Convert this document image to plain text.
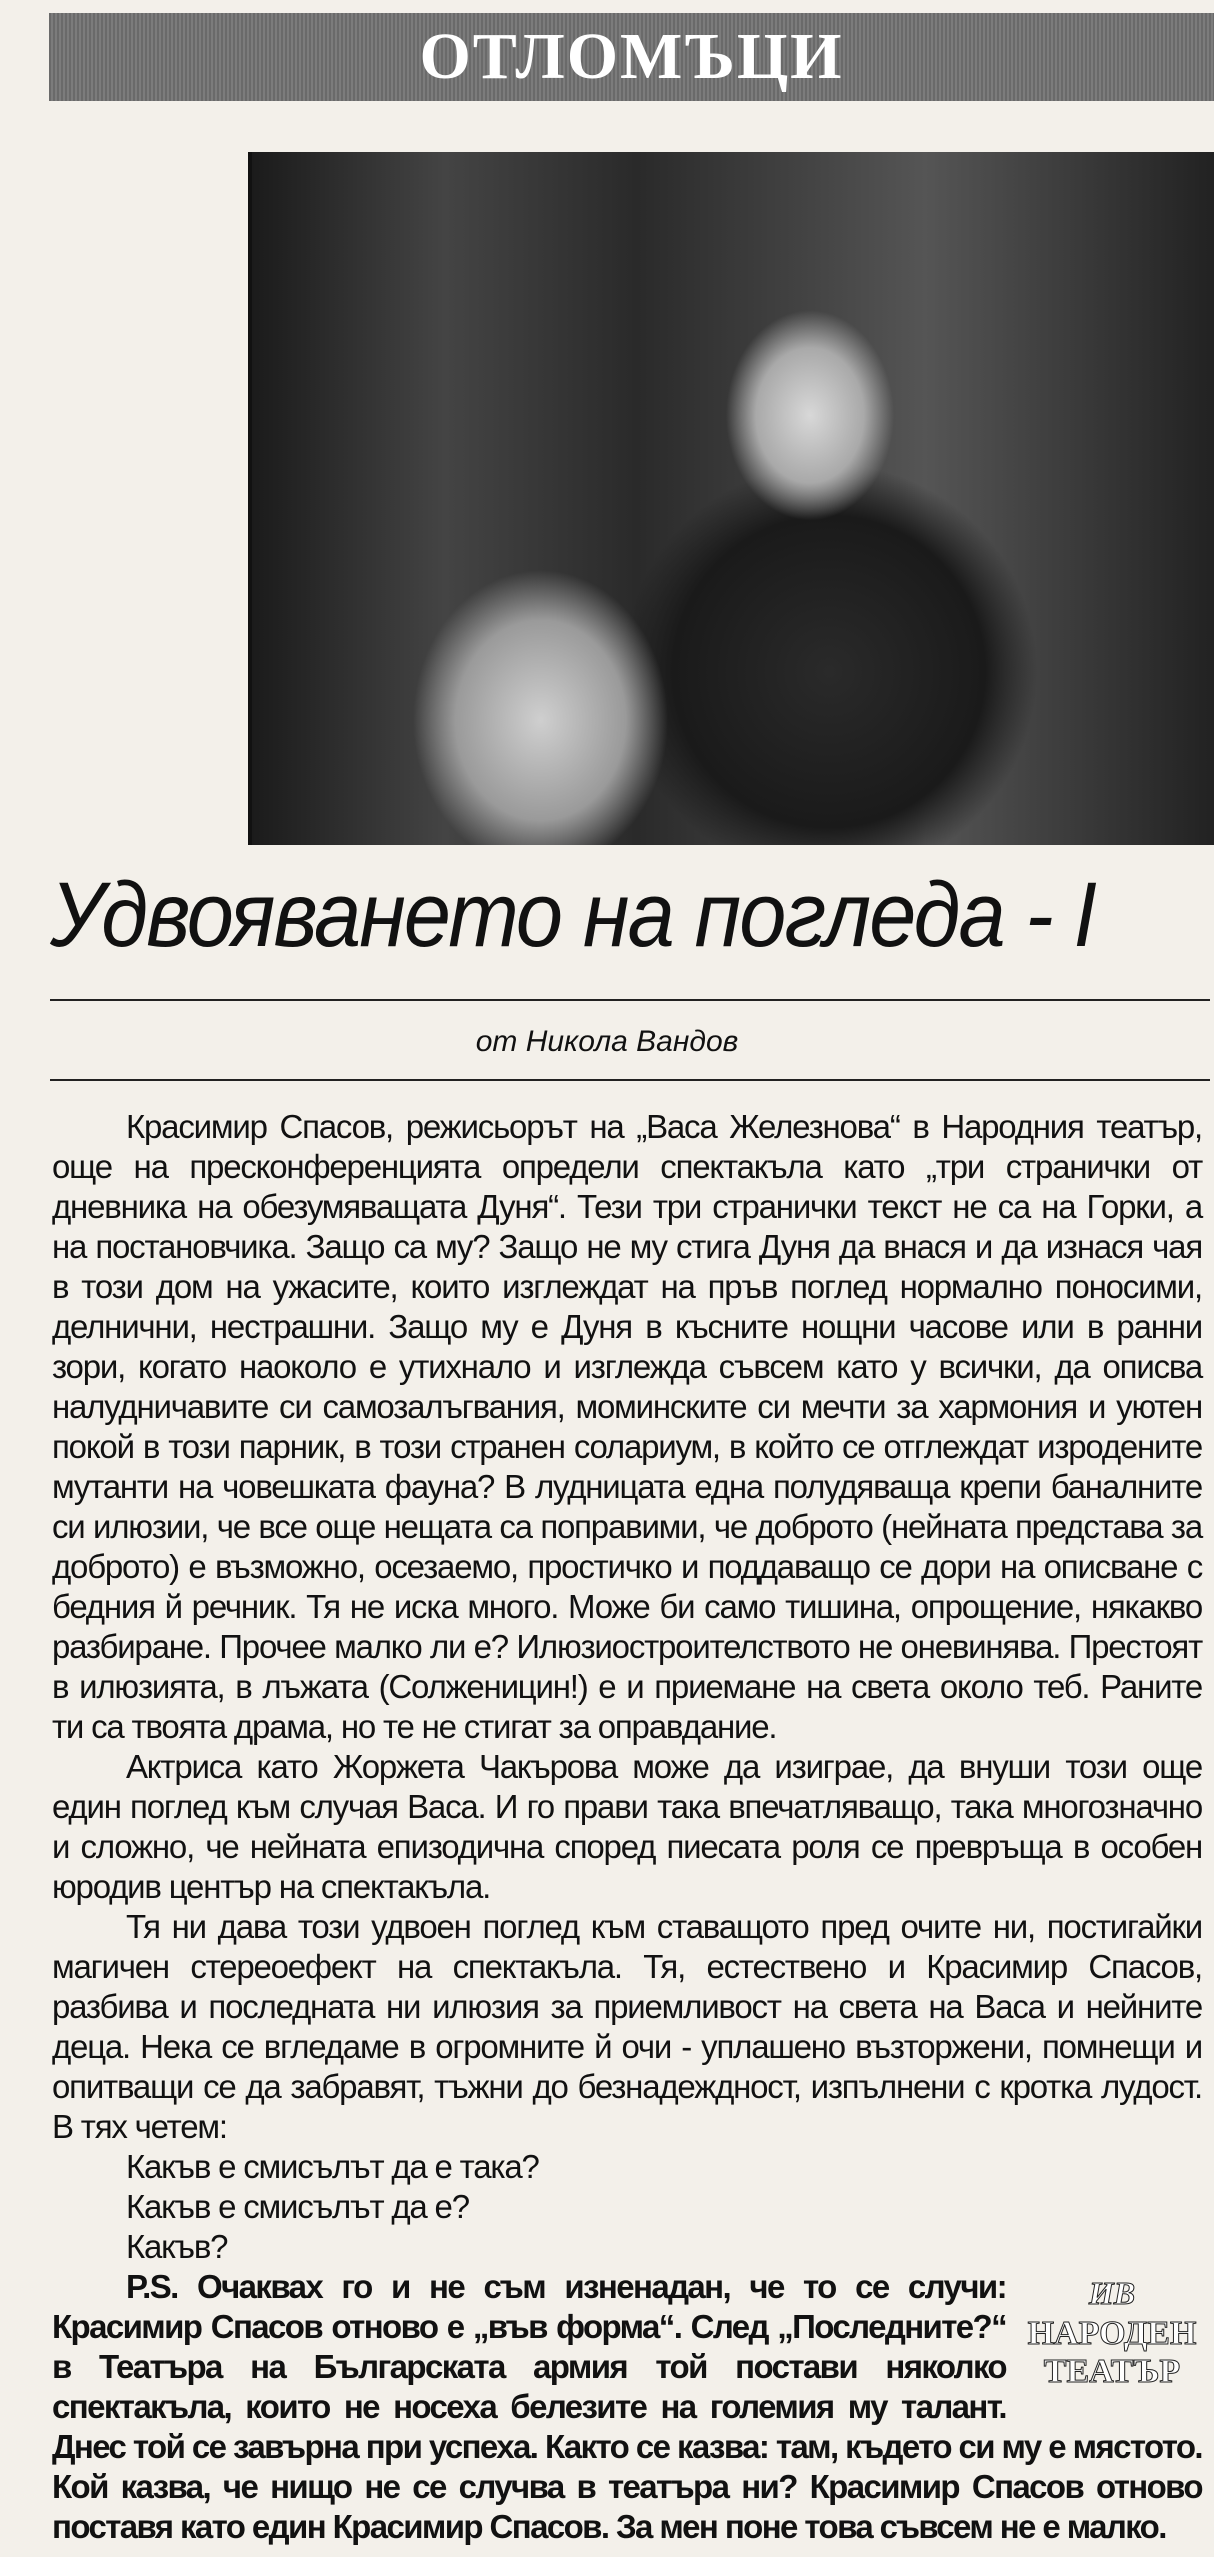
ОТЛОМЪЦИ
Удвояването на погледа - I
от Никола Вандов

Красимир Спасов, режисьорът на „Васа Железнова“ в Народния театър, още на пресконференцията определи спектакъла като „три странички от дневника на обезумяващата Дуня“. Тези три странички текст не са на Горки, а на постановчика. Защо са му? Защо не му стига Дуня да внася и да изнася чая в този дом на ужасите, които изглеждат на пръв поглед нормално поносими, делнични, нестрашни. Защо му е Дуня в късните нощни часове или в ранни зори, когато наоколо е утихнало и изглежда съвсем като у всички, да описва налудничавите си самозалъгвания, моминските си мечти за хармония и уютен покой в този парник, в този странен солариум, в който се отглеждат изродените мутанти на човешката фауна? В лудницата една полудяваща крепи баналните си илюзии, че все още нещата са поправими, че доброто (нейната представа за доброто) е възможно, осезаемо, простичко и поддаващо се дори на описване с бедния й речник. Тя не иска много. Може би само тишина, опрощение, някакво разбиране. Прочее малко ли е? Илюзиостроителството не оневинява. Престоят в илюзията, в лъжата (Солженицин!) е и приемане на света около теб. Раните ти са твоята драма, но те не стигат за оправдание.

Актриса като Жоржета Чакърова може да изиграе, да внуши този още един поглед към случая Васа. И го прави така впечатляващо, така многозначно и сложно, че нейната епизодична според пиесата роля се превръща в особен юродив център на спектакъла.

Тя ни дава този удвоен поглед към ставащото пред очите ни, постигайки магичен стереоефект на спектакъла. Тя, естествено и Красимир Спасов, разбива и последната ни илюзия за приемливост на света на Васа и нейните деца. Нека се вгледаме в огромните й очи - уплашено възторжени, помнещи и опитващи се да забравят, тъжни до безнадеждност, изпълнени с кротка лудост. В тях четем:

Какъв е смисълът да е така?

Какъв е смисълът да е?

Какъв?

ИВ
НАРОДЕН
ТЕАТЪР

P.S. Очаквах го и не съм изненадан, че то се случи: Красимир Спасов отново е „във форма“. След „Последните?“ в Театъра на Българската армия той постави няколко спектакъла, които не носеха белезите на големия му талант. Днес той се завърна при успеха. Както се казва: там, където си му е мястото. Кой казва, че нищо не се случва в театъра ни? Красимир Спасов отново поставя като един Красимир Спасов. За мен поне това съвсем не е малко.
